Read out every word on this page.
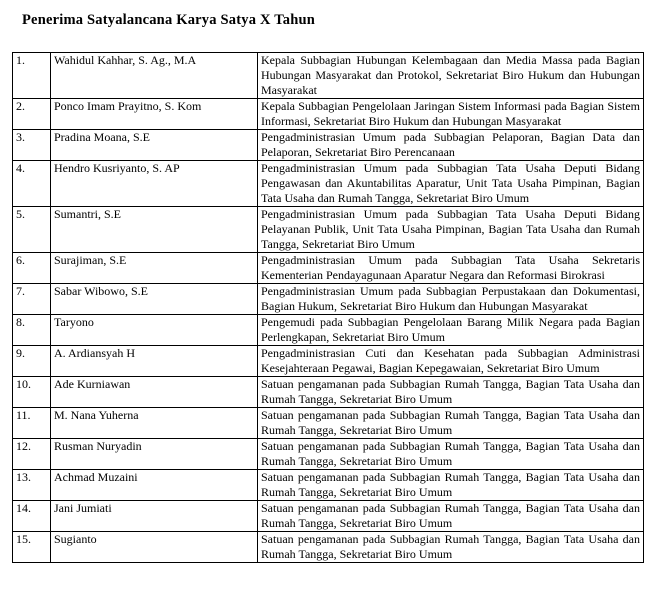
Penerima Satyalancana Karya Satya X Tahun
1.	Wahidul Kahhar, S. Ag., M.A	Kepala Subbagian Hubungan Kelembagaan dan Media Massa pada Bagian Hubungan Masyarakat dan Protokol, Sekretariat Biro Hukum dan Hubungan Masyarakat
2.	Ponco Imam Prayitno, S. Kom	Kepala Subbagian Pengelolaan Jaringan Sistem Informasi pada Bagian Sistem Informasi, Sekretariat Biro Hukum dan Hubungan Masyarakat
3.	Pradina Moana, S.E	Pengadministrasian Umum pada Subbagian Pelaporan, Bagian Data dan Pelaporan, Sekretariat Biro Perencanaan
4.	Hendro Kusriyanto, S. AP	Pengadministrasian Umum pada Subbagian Tata Usaha Deputi Bidang Pengawasan dan Akuntabilitas Aparatur, Unit Tata Usaha Pimpinan, Bagian Tata Usaha dan Rumah Tangga, Sekretariat Biro Umum
5.	Sumantri, S.E	Pengadministrasian Umum pada Subbagian Tata Usaha Deputi Bidang Pelayanan Publik, Unit Tata Usaha Pimpinan, Bagian Tata Usaha dan Rumah Tangga, Sekretariat Biro Umum
6.	Surajiman, S.E	Pengadministrasian Umum pada Subbagian Tata Usaha Sekretaris Kementerian Pendayagunaan Aparatur Negara dan Reformasi Birokrasi
7.	Sabar Wibowo, S.E	Pengadministrasian Umum pada Subbagian Perpustakaan dan Dokumentasi, Bagian Hukum, Sekretariat Biro Hukum dan Hubungan Masyarakat
8.	Taryono	Pengemudi pada Subbagian Pengelolaan Barang Milik Negara pada Bagian Perlengkapan, Sekretariat Biro Umum
9.	A. Ardiansyah H	Pengadministrasian Cuti dan Kesehatan pada Subbagian Administrasi Kesejahteraan Pegawai, Bagian Kepegawaian, Sekretariat Biro Umum
10.	Ade Kurniawan	Satuan pengamanan pada Subbagian Rumah Tangga, Bagian Tata Usaha dan Rumah Tangga, Sekretariat Biro Umum
11.	M. Nana Yuherna	Satuan pengamanan pada Subbagian Rumah Tangga, Bagian Tata Usaha dan Rumah Tangga, Sekretariat Biro Umum
12.	Rusman Nuryadin	Satuan pengamanan pada Subbagian Rumah Tangga, Bagian Tata Usaha dan Rumah Tangga, Sekretariat Biro Umum
13.	Achmad Muzaini	Satuan pengamanan pada Subbagian Rumah Tangga, Bagian Tata Usaha dan Rumah Tangga, Sekretariat Biro Umum
14.	Jani Jumiati	Satuan pengamanan pada Subbagian Rumah Tangga, Bagian Tata Usaha dan Rumah Tangga, Sekretariat Biro Umum
15.	Sugianto	Satuan pengamanan pada Subbagian Rumah Tangga, Bagian Tata Usaha dan Rumah Tangga, Sekretariat Biro Umum
